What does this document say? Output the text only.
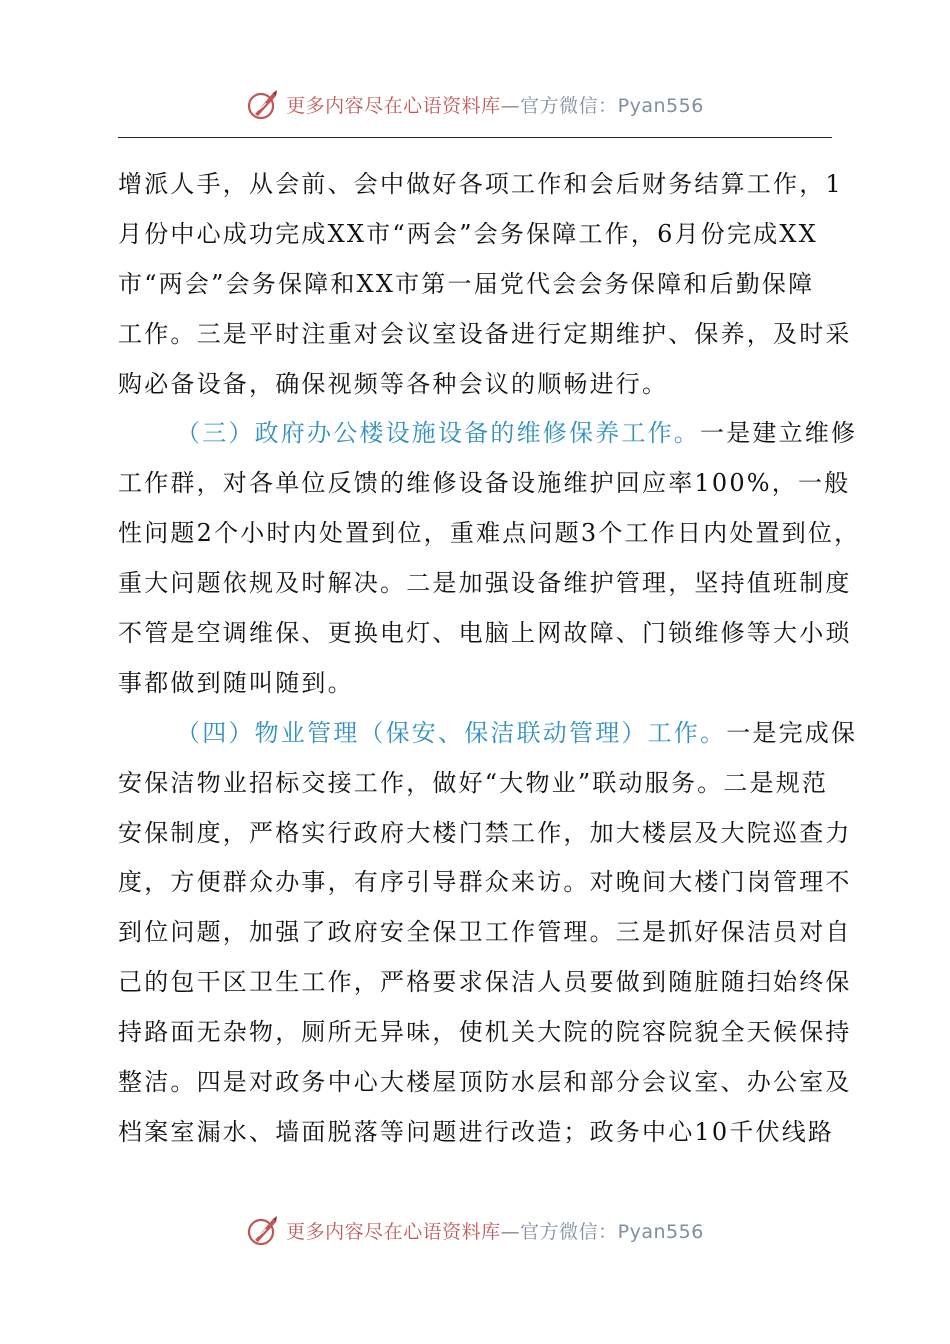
更多内容尽在心语资料库—官方微信：Pyan556
增派人手，从会前、会中做好各项工作和会后财务结算工作，1
月份中心成功完成XX市“两会”会务保障工作，6月份完成XX
市“两会”会务保障和XX市第一届党代会会务保障和后勤保障
工作。三是平时注重对会议室设备进行定期维护、保养，及时采
购必备设备，确保视频等各种会议的顺畅进行。
（三）政府办公楼设施设备的维修保养工作。一是建立维修
工作群，对各单位反馈的维修设备设施维护回应率100%，一般
性问题2个小时内处置到位，重难点问题3个工作日内处置到位，
重大问题依规及时解决。二是加强设备维护管理，坚持值班制度
不管是空调维保、更换电灯、电脑上网故障、门锁维修等大小琐
事都做到随叫随到。
（四）物业管理（保安、保洁联动管理）工作。一是完成保
安保洁物业招标交接工作，做好“大物业”联动服务。二是规范
安保制度，严格实行政府大楼门禁工作，加大楼层及大院巡查力
度，方便群众办事，有序引导群众来访。对晚间大楼门岗管理不
到位问题，加强了政府安全保卫工作管理。三是抓好保洁员对自
己的包干区卫生工作，严格要求保洁人员要做到随脏随扫始终保
持路面无杂物，厕所无异味，使机关大院的院容院貌全天候保持
整洁。四是对政务中心大楼屋顶防水层和部分会议室、办公室及
档案室漏水、墙面脱落等问题进行改造；政务中心10千伏线路
更多内容尽在心语资料库—官方微信：Pyan556
